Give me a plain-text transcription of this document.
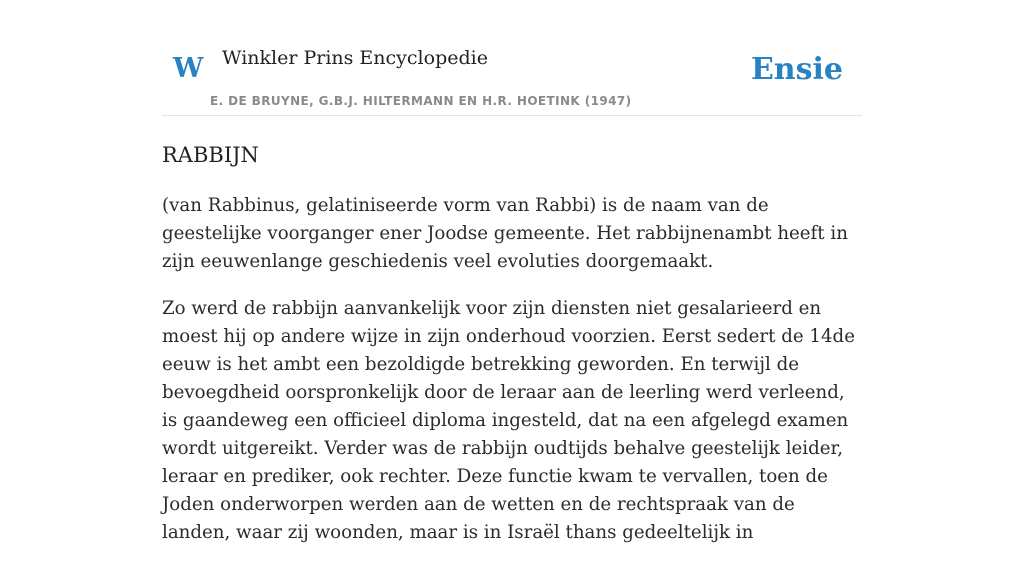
W Winkler Prins Encyclopedie
E. DE BRUYNE, G.B.J. HILTERMANN EN H.R. HOETINK (1947)
Ensie
RABBIJN

(van Rabbinus, gelatiniseerde vorm van Rabbi) is de naam van de geestelijke voorganger ener Joodse gemeente. Het rabbijnenambt heeft in zijn eeuwenlange geschiedenis veel evoluties doorgemaakt.

Zo werd de rabbijn aanvankelijk voor zijn diensten niet gesalarieerd en moest hij op andere wijze in zijn onderhoud voorzien. Eerst sedert de 14de eeuw is het ambt een bezoldigde betrekking geworden. En terwijl de bevoegdheid oorspronkelijk door de leraar aan de leerling werd verleend, is gaandeweg een officieel diploma ingesteld, dat na een afgelegd examen wordt uitgereikt. Verder was de rabbijn oudtijds behalve geestelijk leider, leraar en prediker, ook rechter. Deze functie kwam te vervallen, toen de Joden onderworpen werden aan de wetten en de rechtspraak van de landen, waar zij woonden, maar is in Israël thans gedeeltelijk in
